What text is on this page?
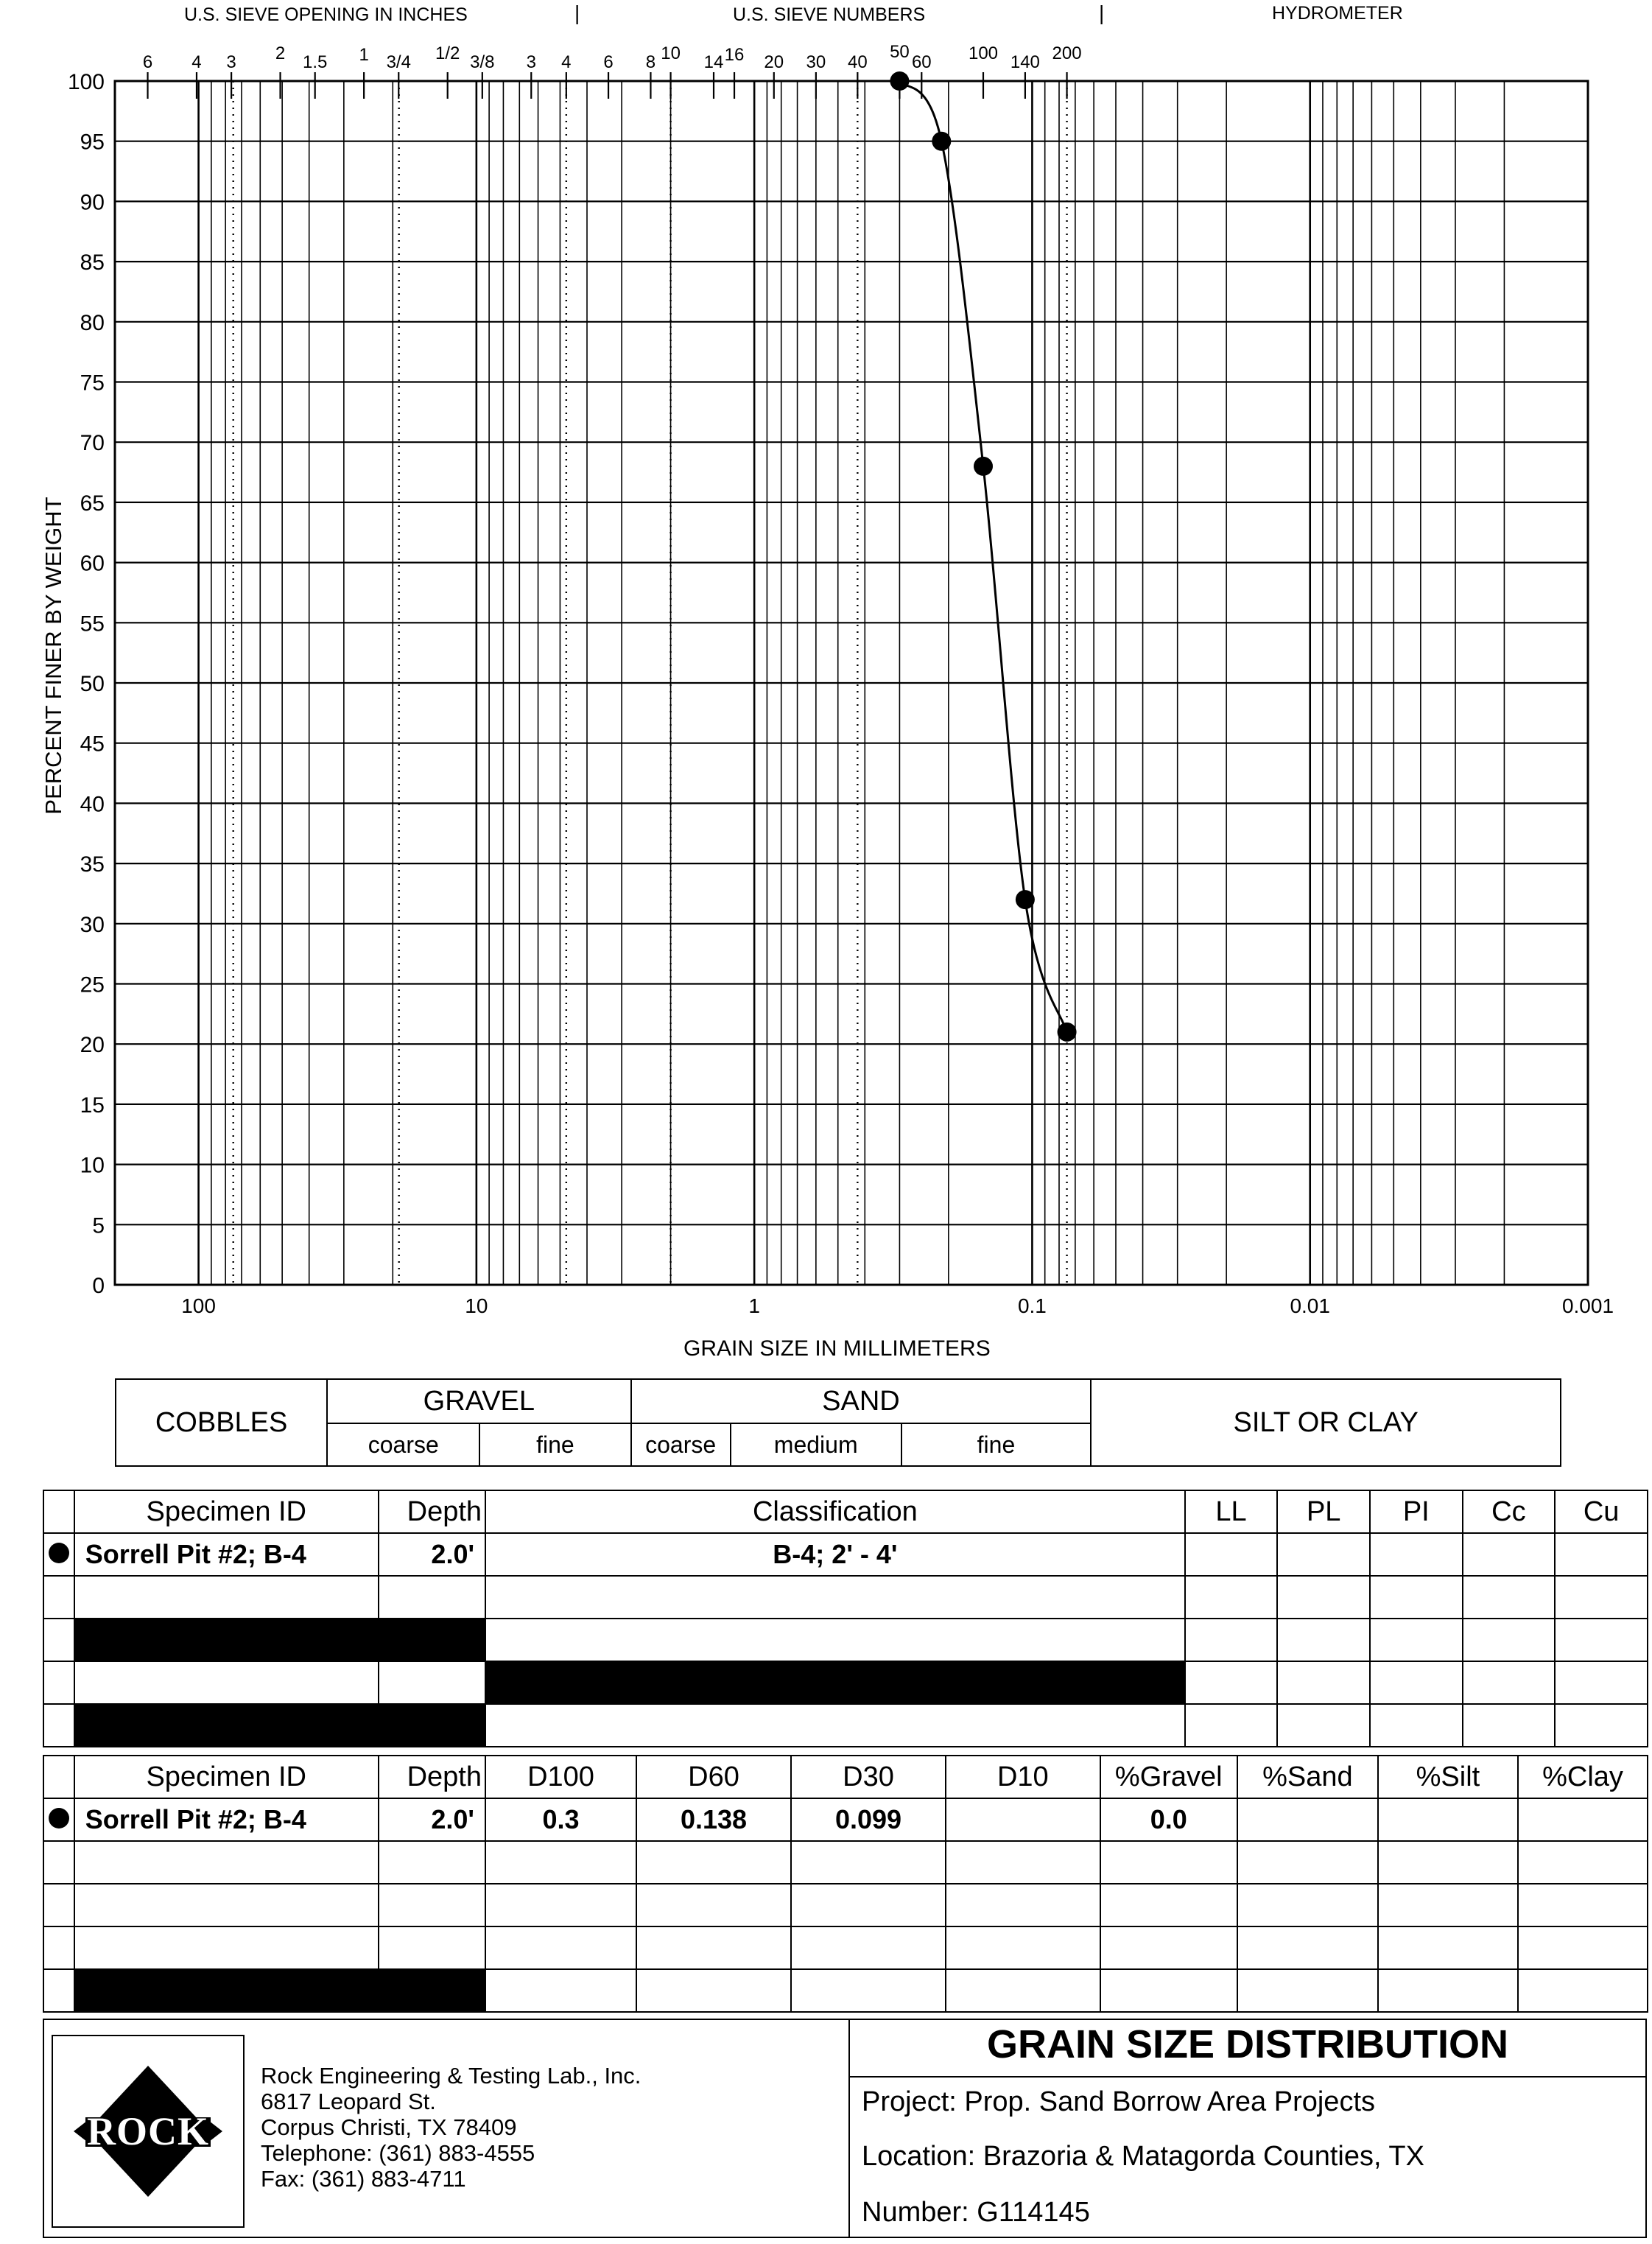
0
5
10
15
20
25
30
35
40
45
50
55
60
65
70
75
80
85
90
95
100
100	10	1	0.1	0.01	0.001
6 4 3 2 1.5 1 3/4 1/2 3/8 3 4 6 8 10 14 16 20 30 40
50
60 100 140 200
U.S. SIEVE OPENING IN INCHES	|	U.S. SIEVE NUMBERS	|	HYDROMETER
PERCENT FINER BY WEIGHT
GRAIN SIZE IN MILLIMETERS
COBBLES	GRAVEL		SAND			SILT OR CLAY
	coarse	fine	coarse	medium	fine	
	Specimen ID	Depth	Classification	LL	PL	PI	Cc	Cu
	Sorrell Pit #2; B-4	2.0'	B-4; 2' - 4'					

	Specimen ID	Depth	D100	D60	D30	D10	%Gravel	%Sand	%Silt	%Clay
	Sorrell Pit #2; B-4	2.0'	0.3	0.138	0.099		0.0			

ROCK
Rock Engineering & Testing Lab., Inc.
6817 Leopard St.
Corpus Christi, TX 78409
Telephone: (361) 883-4555
Fax: (361) 883-4711
GRAIN SIZE DISTRIBUTION
Project: Prop. Sand Borrow Area Projects
Location: Brazoria & Matagorda Counties, TX
Number: G114145
